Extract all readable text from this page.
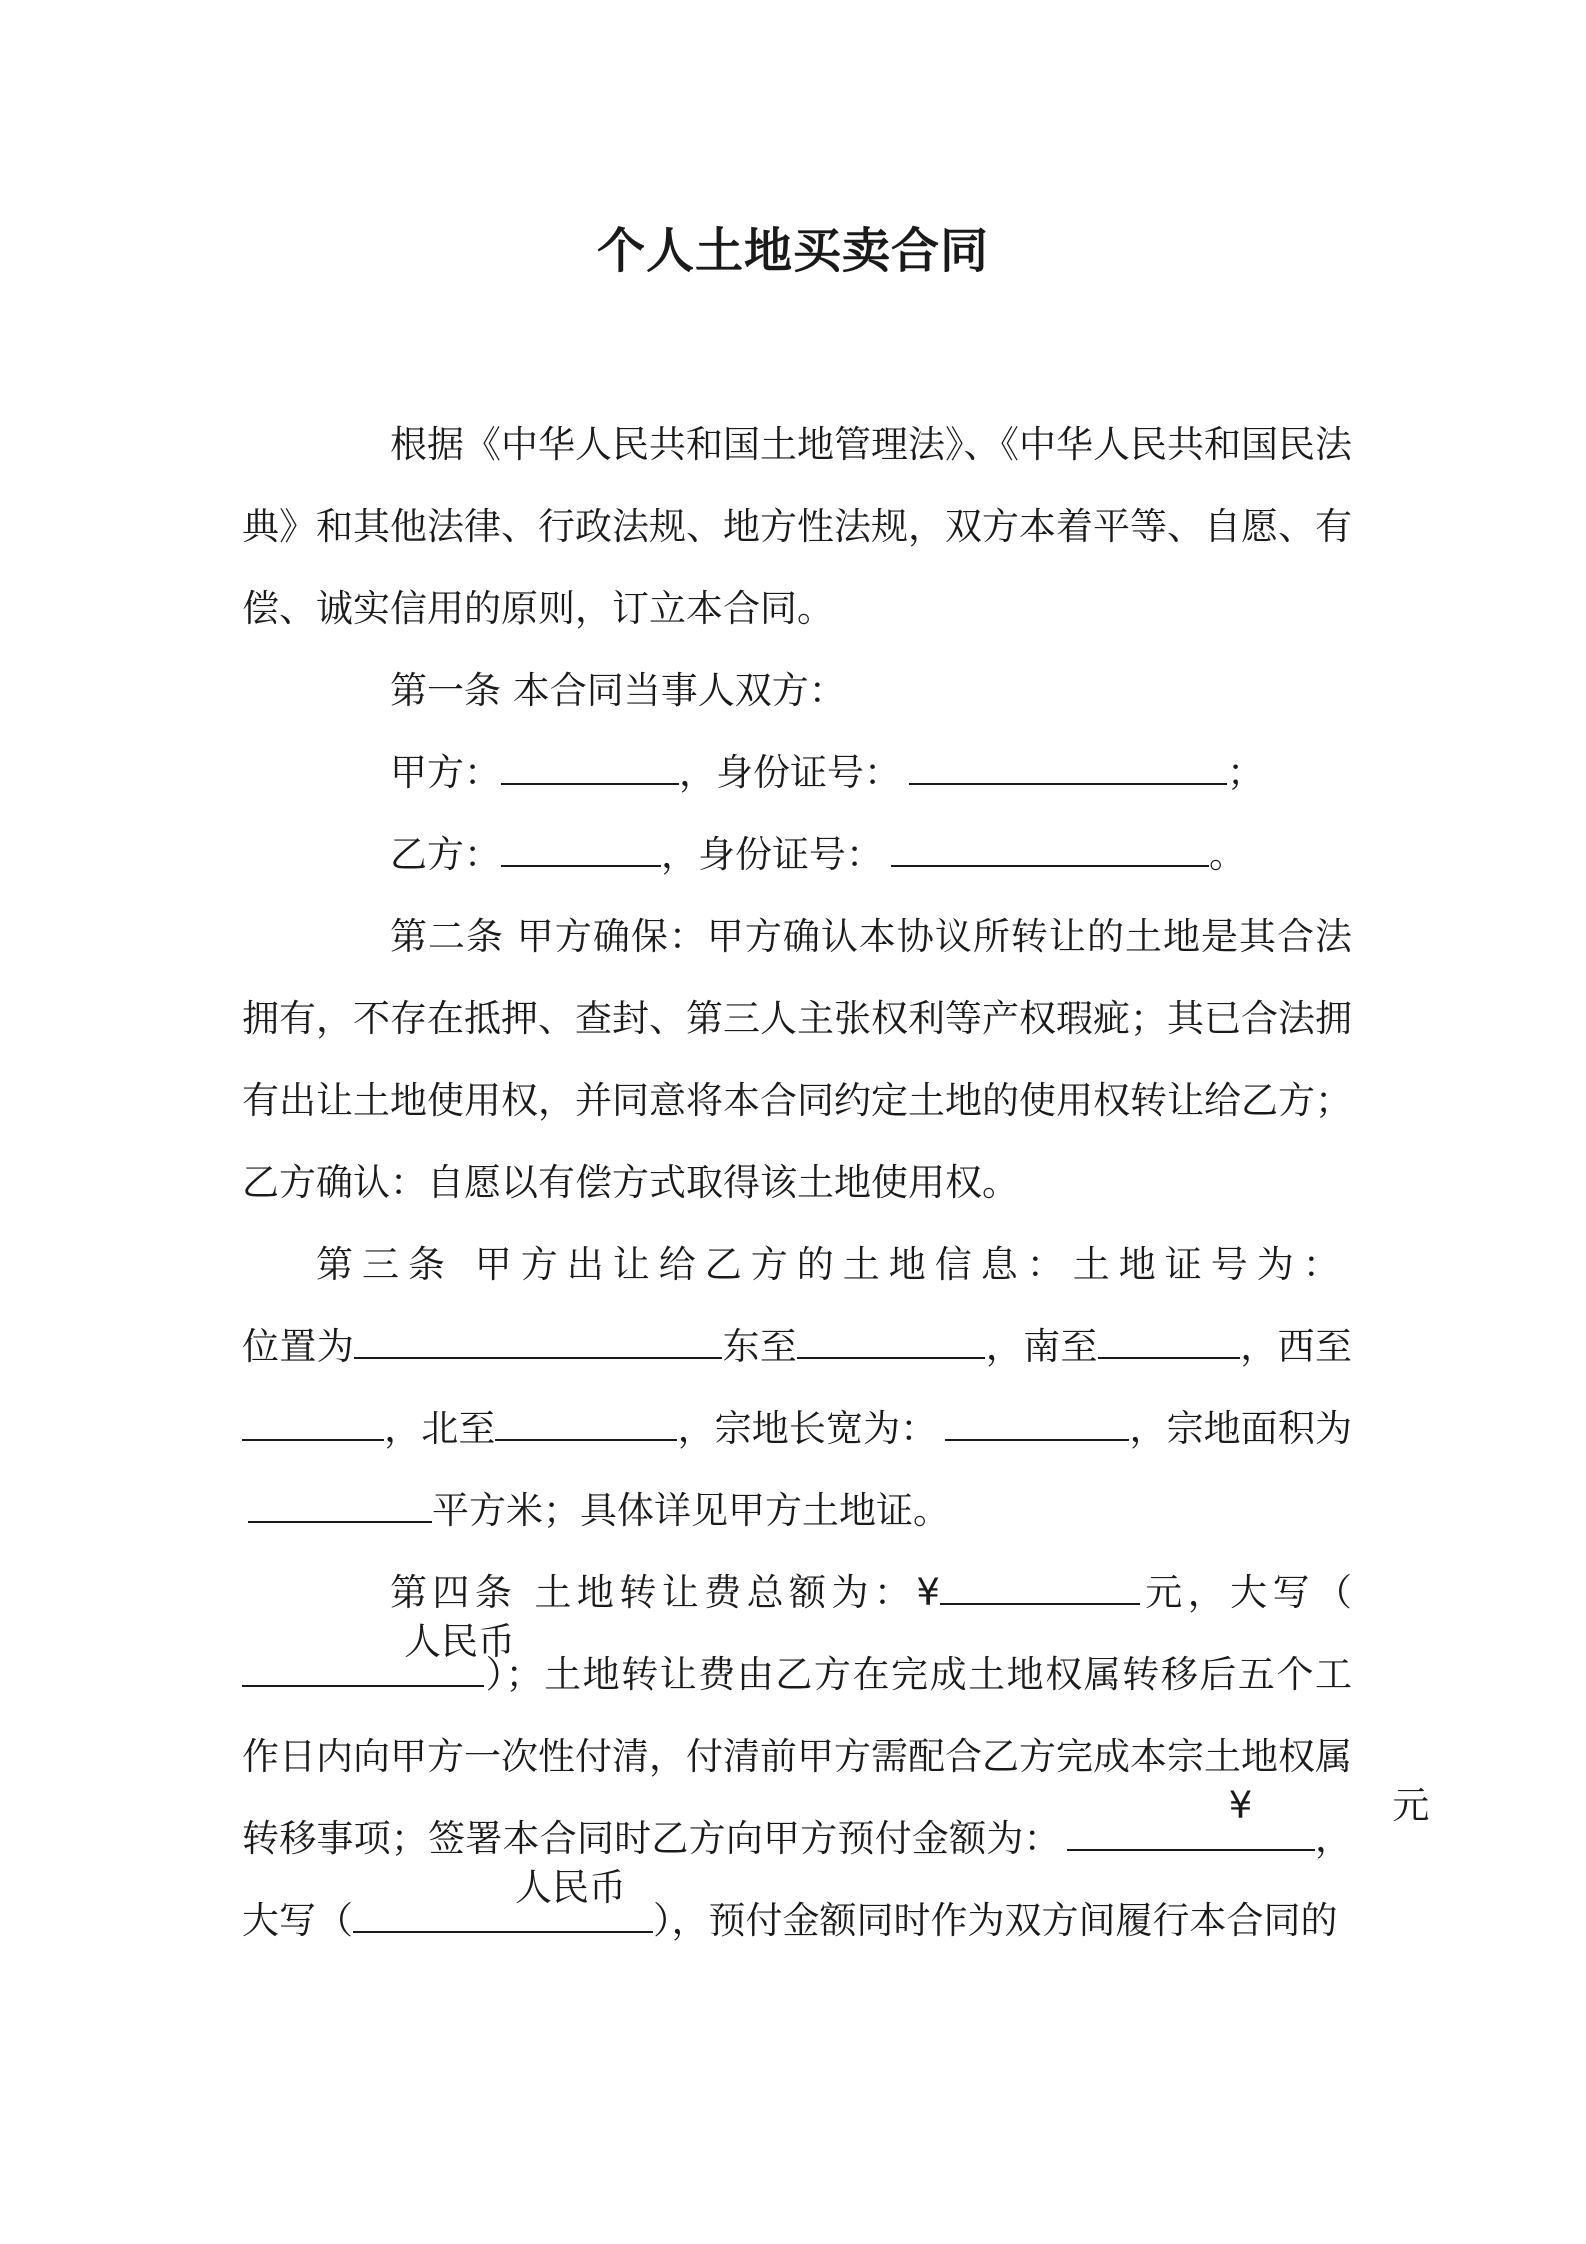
个人土地买卖合同

根据《中华人民共和国土地管理法》、《中华人民共和国民法典》和其他法律、行政法规、地方性法规，双方本着平等、自愿、有偿、诚实信用的原则，订立本合同。

第一条 本合同当事人双方：

甲方：	，身份证号：	；

乙方：	，身份证号：	。

第二条 甲方确保：甲方确认本协议所转让的土地是其合法拥有，不存在抵押、查封、第三人主张权利等产权瑕疵；其已合法拥有出让土地使用权，并同意将本合同约定土地的使用权转让给乙方；乙方确认：自愿以有偿方式取得该土地使用权。

第三条 甲方出让给乙方的土地信息：土地证号为：

位置为	东至	，南至	，西至，北至	，宗地长宽为：	，宗地面积为平方米；具体详见甲方土地证。

第四条 土地转让费总额为：¥	元，大写（
人民币
）；土地转让费由乙方在完成土地权属转移后五个工作日内向甲方一次性付清，付清前甲方需配合乙方完成本宗土地权属转移事项；签署本合同时乙方向甲方预付金额为：
¥	元
，大写（
人民币
），预付金额同时作为双方间履行本合同的
